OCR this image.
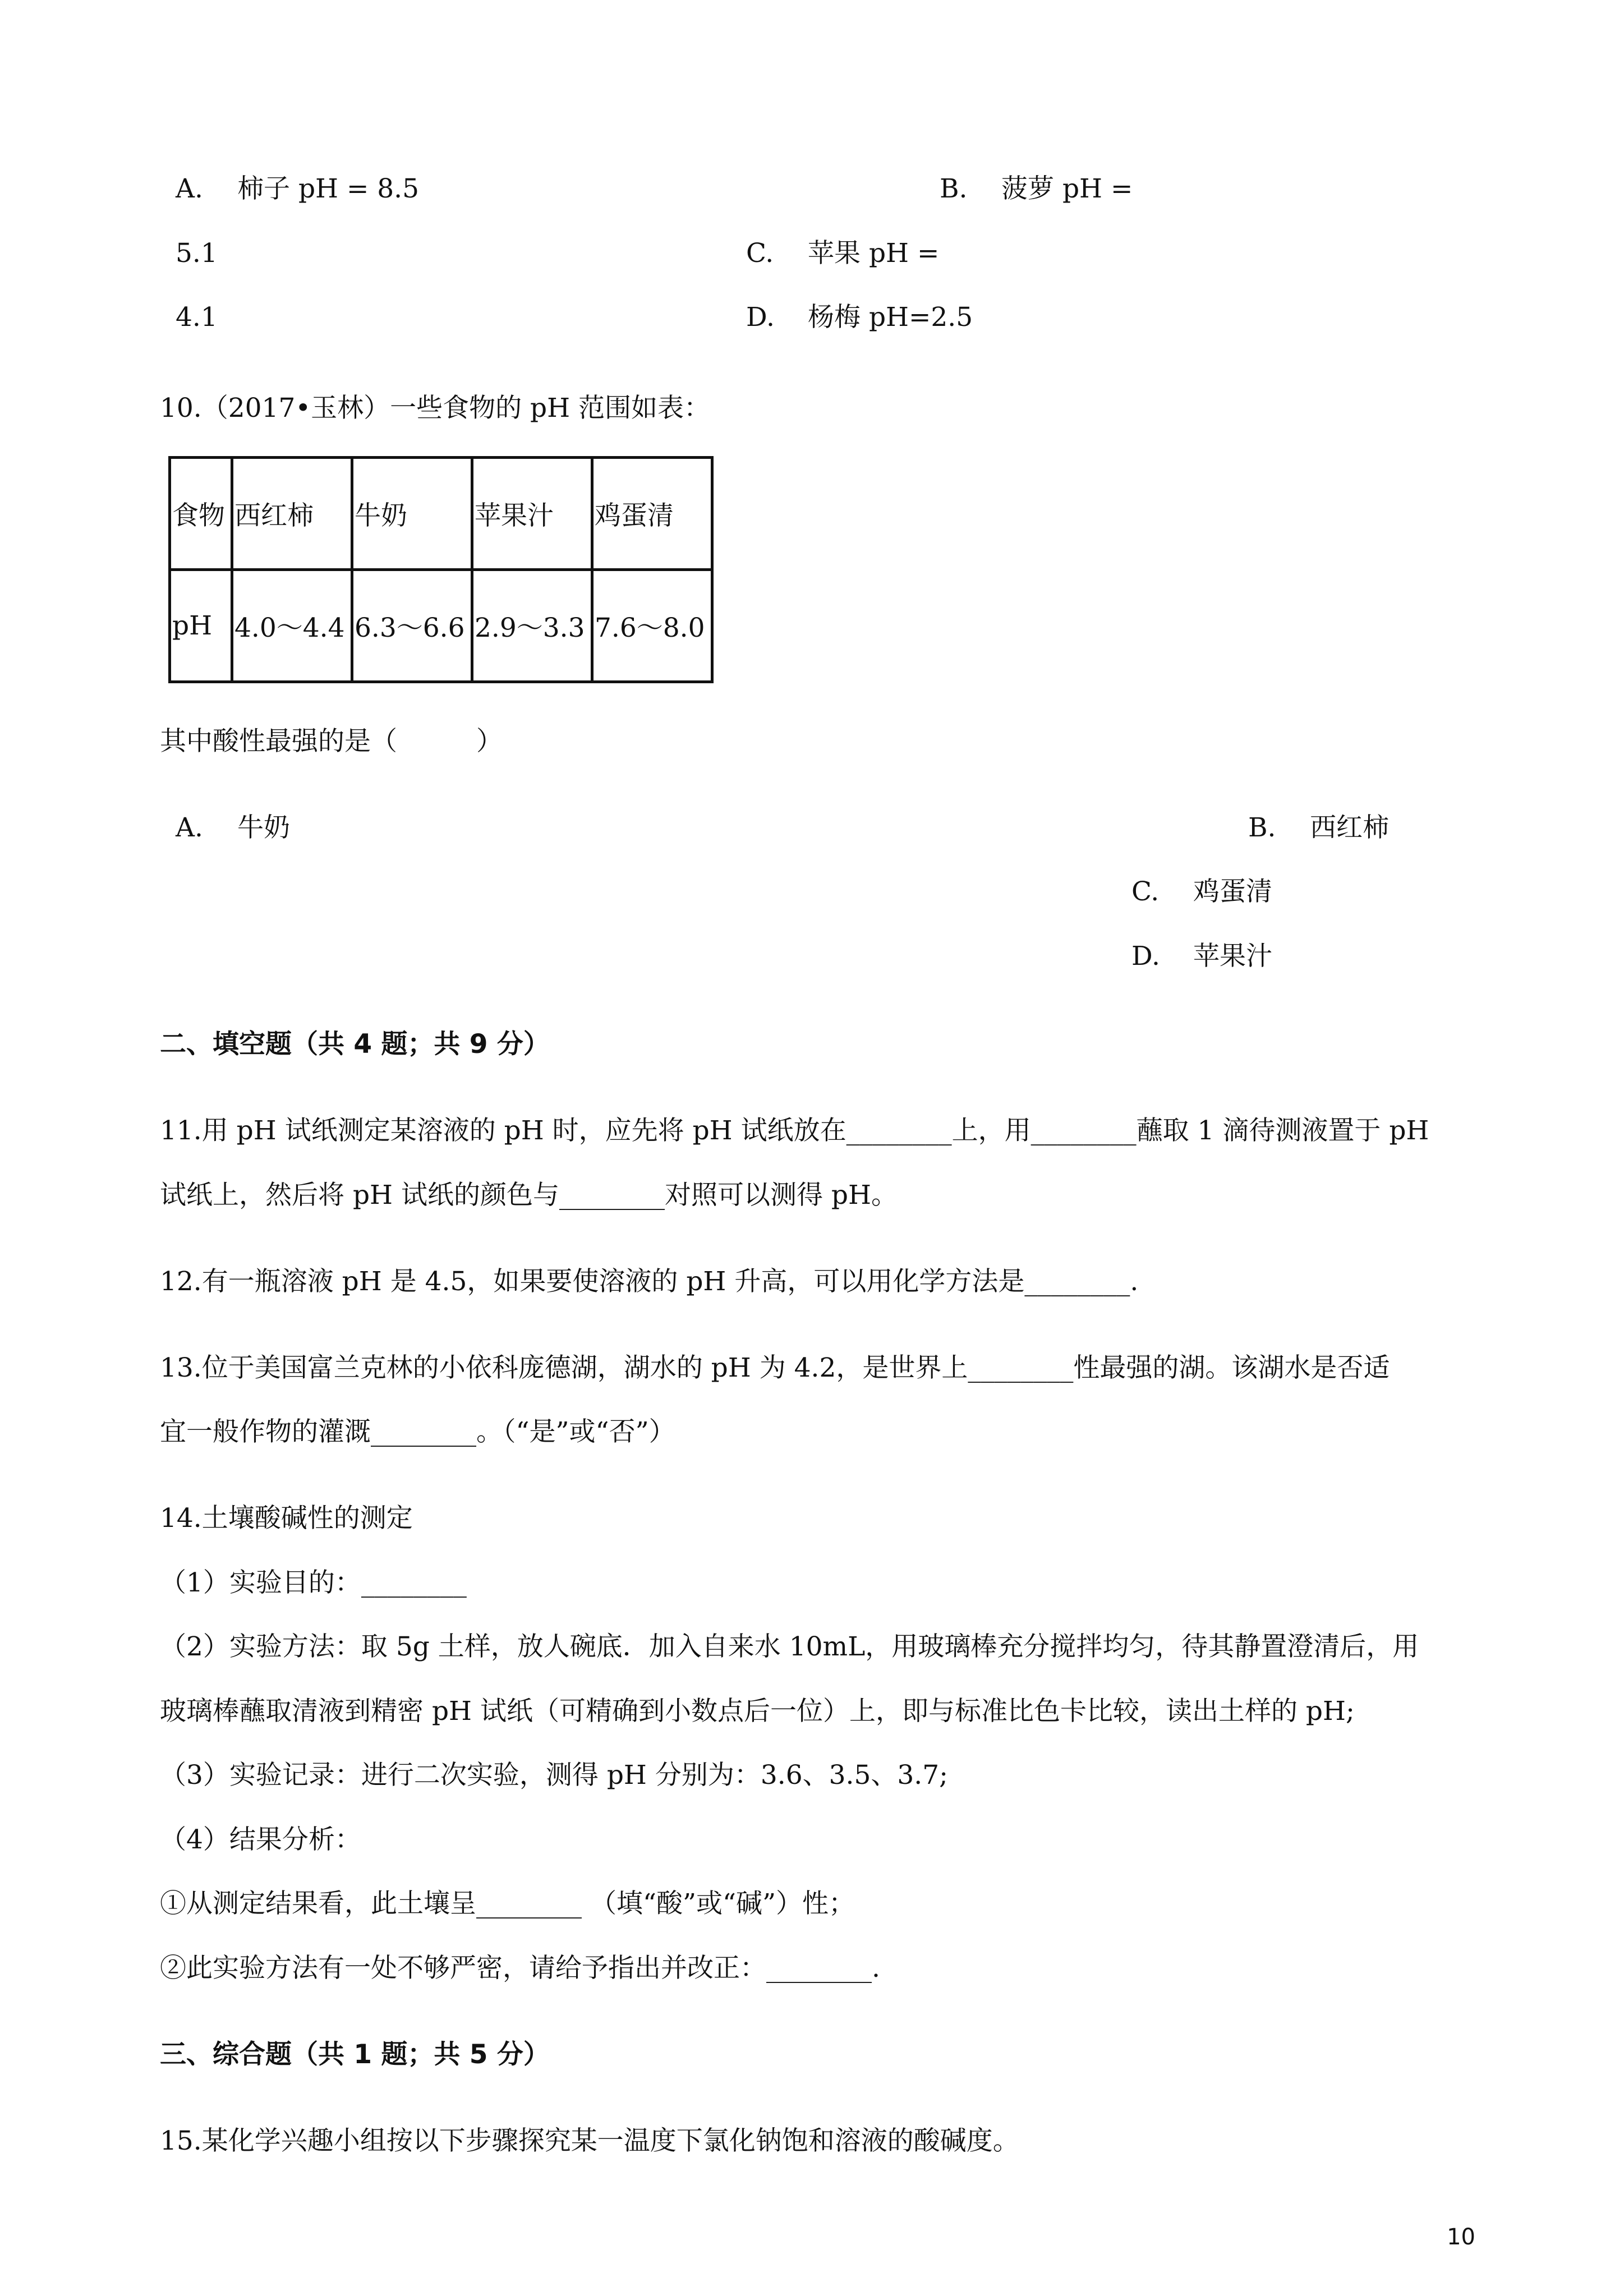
A. 柿子 pH = 8.5	B. 菠萝 pH =
5.1	C. 苹果 pH =
4.1	D. 杨梅 pH=2.5
10.（2017•玉林）一些食物的 pH 范围如表：
食物	西红柿	牛奶	苹果汁	鸡蛋清
pH	4.0～4.4	6.3～6.6	2.9～3.3	7.6～8.0
其中酸性最强的是（　　　）
A. 牛奶	B. 西红柿
C. 鸡蛋清
D. 苹果汁
二、填空题（共 4 题；共 9 分）
11.用 pH 试纸测定某溶液的 pH 时，应先将 pH 试纸放在________上，用________蘸取 1 滴待测液置于 pH
试纸上，然后将 pH 试纸的颜色与________对照可以测得 pH。
12.有一瓶溶液 pH 是 4.5，如果要使溶液的 pH 升高，可以用化学方法是________.
13.位于美国富兰克林的小依科庞德湖，湖水的 pH 为 4.2，是世界上________性最强的湖。该湖水是否适
宜一般作物的灌溉________。（“是”或“否”）
14.土壤酸碱性的测定
（1）实验目的：________
（2）实验方法：取 5g 土样，放人碗底．加入自来水 10mL，用玻璃棒充分搅拌均匀，待其静置澄清后，用
玻璃棒蘸取清液到精密 pH 试纸（可精确到小数点后一位）上，即与标准比色卡比较，读出土样的 pH;
（3）实验记录：进行二次实验，测得 pH 分别为：3.6、3.5、3.7;
（4）结果分析：
①从测定结果看，此土壤呈________ （填“酸”或“碱”）性；
②此实验方法有一处不够严密，请给予指出并改正：________.
三、综合题（共 1 题；共 5 分）
15.某化学兴趣小组按以下步骤探究某一温度下氯化钠饱和溶液的酸碱度。
10
